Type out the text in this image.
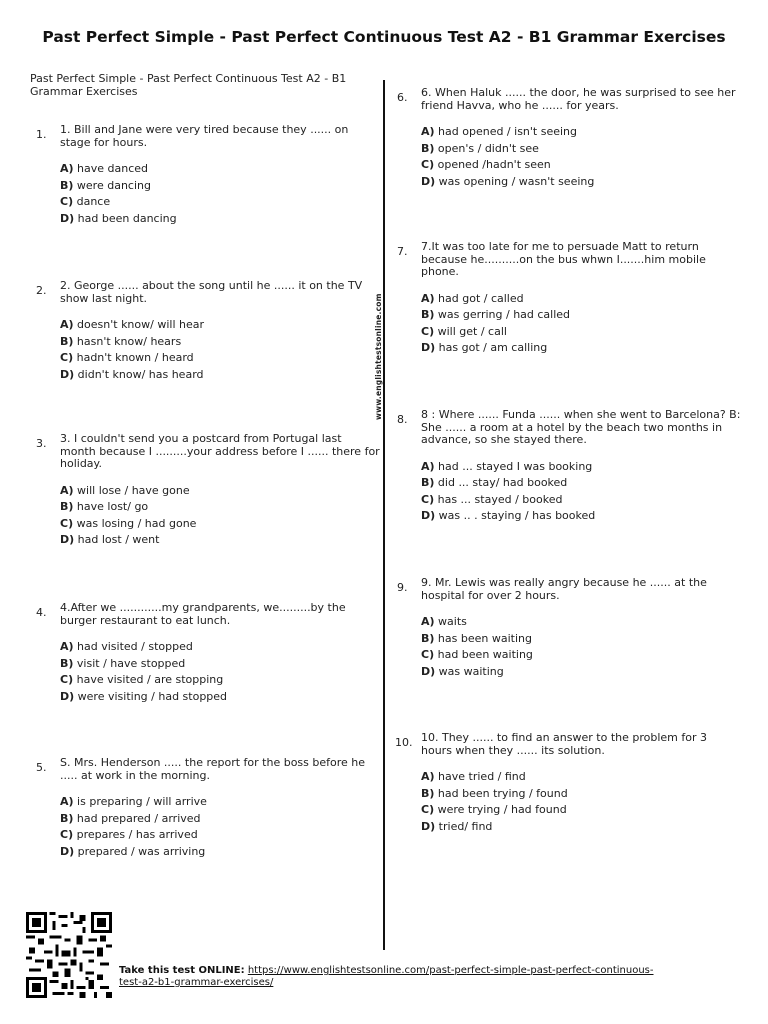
Past Perfect Simple - Past Perfect Continuous Test A2 - B1 Grammar Exercises
Past Perfect Simple - Past Perfect Continuous Test A2 - B1 Grammar Exercises
www.englishtestsonline.com
1. 1. Bill and Jane were very tired because they ...... on stage for hours.
A) have danced
B) were dancing
C) dance
D) had been dancing
2. 2. George ...... about the song until he ...... it on the TV show last night.
A) doesn't know/ will hear
B) hasn't know/ hears
C) hadn't known / heard
D) didn't know/ has heard
3. 3. I couldn't send you a postcard from Portugal last month because I .........your address before I ...... there for holiday.
A) will lose / have gone
B) have lost/ go
C) was losing / had gone
D) had lost / went
4. 4.After we ............my grandparents, we.........by the burger restaurant to eat lunch.
A) had visited / stopped
B) visit / have stopped
C) have visited / are stopping
D) were visiting / had stopped
5. S. Mrs. Henderson ..... the report for the boss before he ..... at work in the morning.
A) is preparing / will arrive
B) had prepared / arrived
C) prepares / has arrived
D) prepared / was arriving
6. 6. When Haluk ...... the door, he was surprised to see her friend Havva, who he ...... for years.
A) had opened / isn't seeing
B) open's / didn't see
C) opened /hadn't seen
D) was opening / wasn't seeing
7. 7.It was too late for me to persuade Matt to return because he..........on the bus whwn I.......him mobile phone.
A) had got / called
B) was gerring / had called
C) will get / call
D) has got / am calling
8. 8 : Where ...... Funda ...... when she went to Barcelona? B: She ...... a room at a hotel by the beach two months in advance, so she stayed there.
A) had ... stayed I was booking
B) did ... stay/ had booked
C) has ... stayed / booked
D) was .. . staying / has booked
9. 9. Mr. Lewis was really angry because he ...... at the hospital for over 2 hours.
A) waits
B) has been waiting
C) had been waiting
D) was waiting
10. 10. They ...... to find an answer to the problem for 3 hours when they ...... its solution.
A) have tried / find
B) had been trying / found
C) were trying / had found
D) tried/ find
Take this test ONLINE: https://www.englishtestsonline.com/past-perfect-simple-past-perfect-continuous-test-a2-b1-grammar-exercises/
